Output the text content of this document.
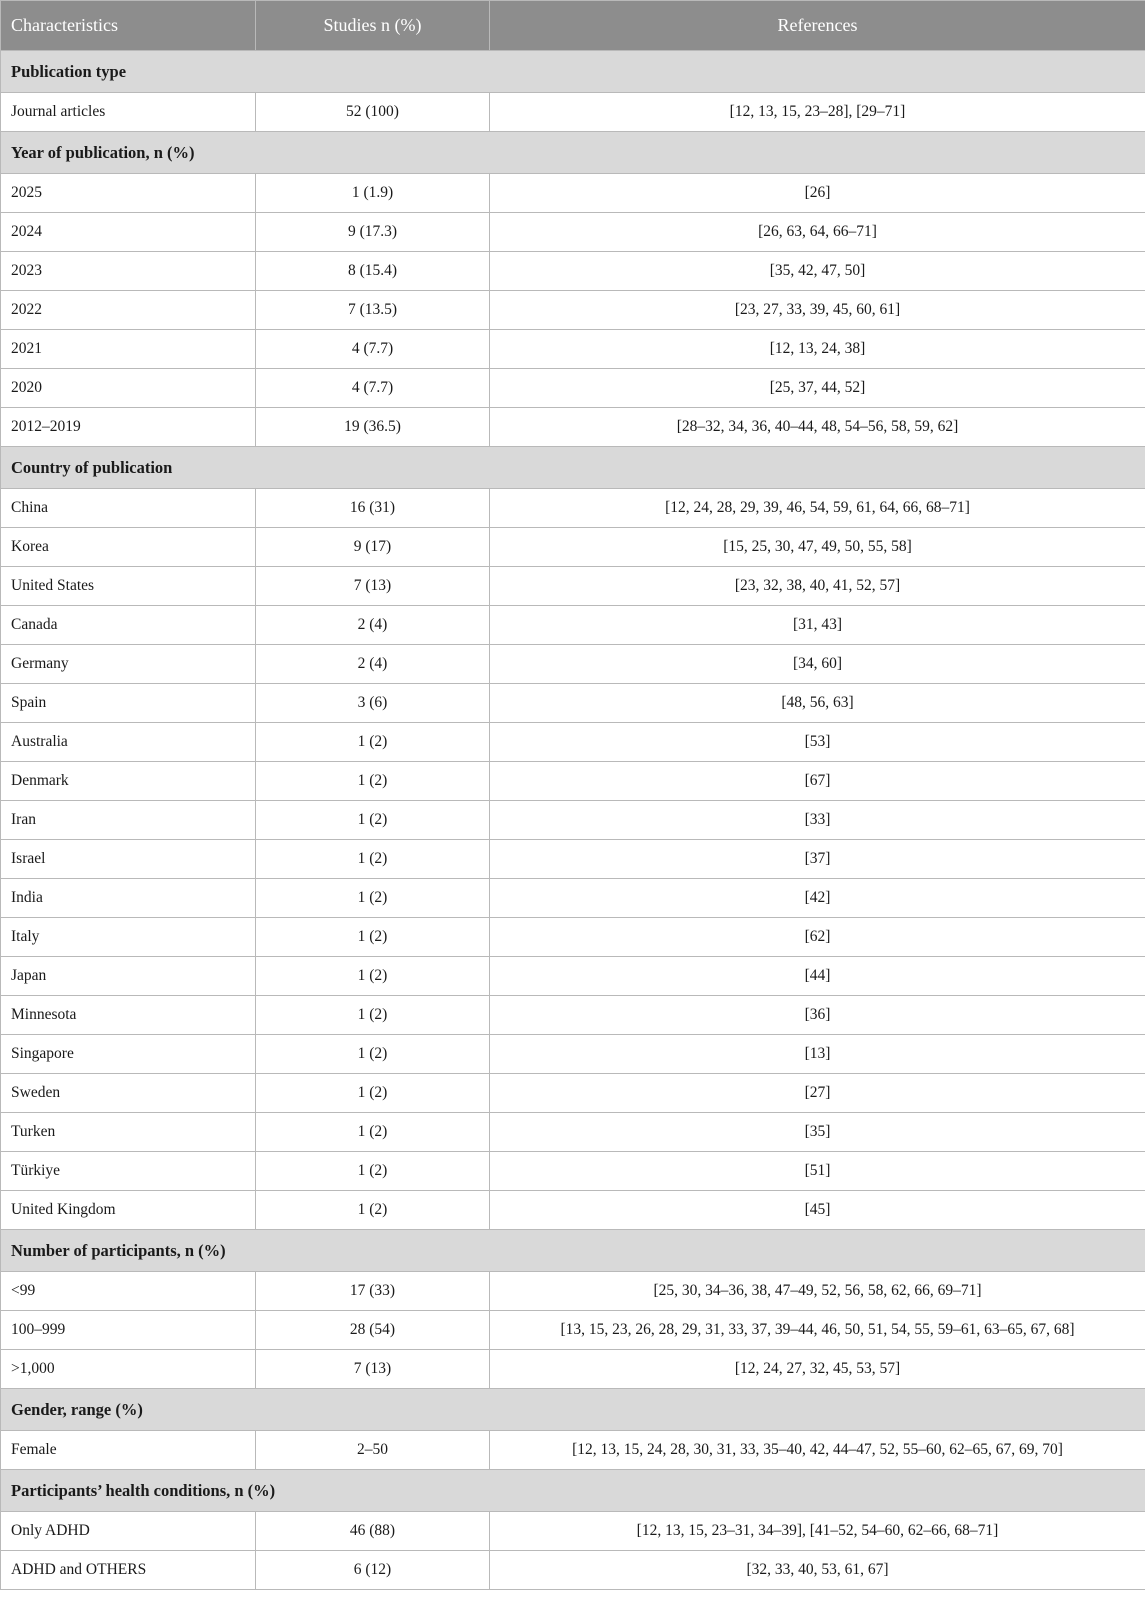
Characteristics	Studies n (%)	References
Publication type		
Journal articles	52 (100)	[12, 13, 15, 23–28], [29–71]
Year of publication, n (%)		
2025	1 (1.9)	[26]
2024	9 (17.3)	[26, 63, 64, 66–71]
2023	8 (15.4)	[35, 42, 47, 50]
2022	7 (13.5)	[23, 27, 33, 39, 45, 60, 61]
2021	4 (7.7)	[12, 13, 24, 38]
2020	4 (7.7)	[25, 37, 44, 52]
2012–2019	19 (36.5)	[28–32, 34, 36, 40–44, 48, 54–56, 58, 59, 62]
Country of publication		
China	16 (31)	[12, 24, 28, 29, 39, 46, 54, 59, 61, 64, 66, 68–71]
Korea	9 (17)	[15, 25, 30, 47, 49, 50, 55, 58]
United States	7 (13)	[23, 32, 38, 40, 41, 52, 57]
Canada	2 (4)	[31, 43]
Germany	2 (4)	[34, 60]
Spain	3 (6)	[48, 56, 63]
Australia	1 (2)	[53]
Denmark	1 (2)	[67]
Iran	1 (2)	[33]
Israel	1 (2)	[37]
India	1 (2)	[42]
Italy	1 (2)	[62]
Japan	1 (2)	[44]
Minnesota	1 (2)	[36]
Singapore	1 (2)	[13]
Sweden	1 (2)	[27]
Turken	1 (2)	[35]
Türkiye	1 (2)	[51]
United Kingdom	1 (2)	[45]
Number of participants, n (%)		
<99	17 (33)	[25, 30, 34–36, 38, 47–49, 52, 56, 58, 62, 66, 69–71]
100–999	28 (54)	[13, 15, 23, 26, 28, 29, 31, 33, 37, 39–44, 46, 50, 51, 54, 55, 59–61, 63–65, 67, 68]
>1,000	7 (13)	[12, 24, 27, 32, 45, 53, 57]
Gender, range (%)		
Female	2–50	[12, 13, 15, 24, 28, 30, 31, 33, 35–40, 42, 44–47, 52, 55–60, 62–65, 67, 69, 70]
Participants’ health conditions, n (%)		
Only ADHD	46 (88)	[12, 13, 15, 23–31, 34–39], [41–52, 54–60, 62–66, 68–71]
ADHD and OTHERS	6 (12)	[32, 33, 40, 53, 61, 67]
